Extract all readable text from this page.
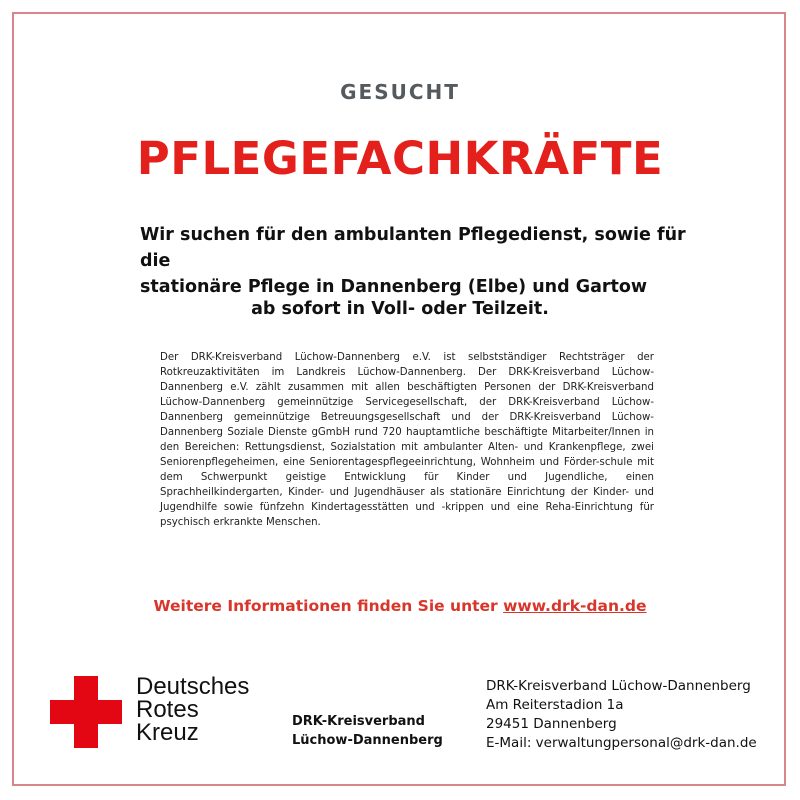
GESUCHT
PFLEGEFACHKRÄFTE
Wir suchen für den ambulanten Pflegedienst, sowie für die
stationäre Pflege in Dannenberg (Elbe) und Gartow
ab sofort in Voll- oder Teilzeit.
Der DRK-Kreisverband Lüchow-Dannenberg e.V. ist selbstständiger Rechtsträger der Rotkreuzaktivitäten im Landkreis Lüchow-Dannenberg. Der DRK-Kreisverband Lüchow-Dannenberg e.V. zählt zusammen mit allen beschäftigten Personen der DRK-Kreisverband Lüchow-Dannenberg gemeinnützige Servicegesellschaft, der DRK-Kreisverband Lüchow-Dannenberg gemeinnützige Betreuungsgesellschaft und der DRK-Kreisverband Lüchow-Dannenberg Soziale Dienste gGmbH rund 720 hauptamtliche beschäftigte Mitarbeiter/Innen in den Bereichen: Rettungsdienst, Sozialstation mit ambulanter Alten- und Krankenpflege, zwei Seniorenpflegeheimen, eine Seniorentagespflegeeinrichtung, Wohnheim und Förder-schule mit dem Schwerpunkt geistige Entwicklung für Kinder und Jugendliche, einen Sprachheilkindergarten, Kinder- und Jugendhäuser als stationäre Einrichtung der Kinder- und Jugendhilfe sowie fünfzehn Kindertagesstätten und -krippen und eine Reha-Einrichtung für psychisch erkrankte Menschen.
Weitere Informationen finden Sie unter www.drk-dan.de
Deutsches
Rotes
Kreuz	DRK-Kreisverband
Lüchow-Dannenberg
DRK-Kreisverband Lüchow-Dannenberg
Am Reiterstadion 1a
29451 Dannenberg
E-Mail: verwaltungpersonal@drk-dan.de
